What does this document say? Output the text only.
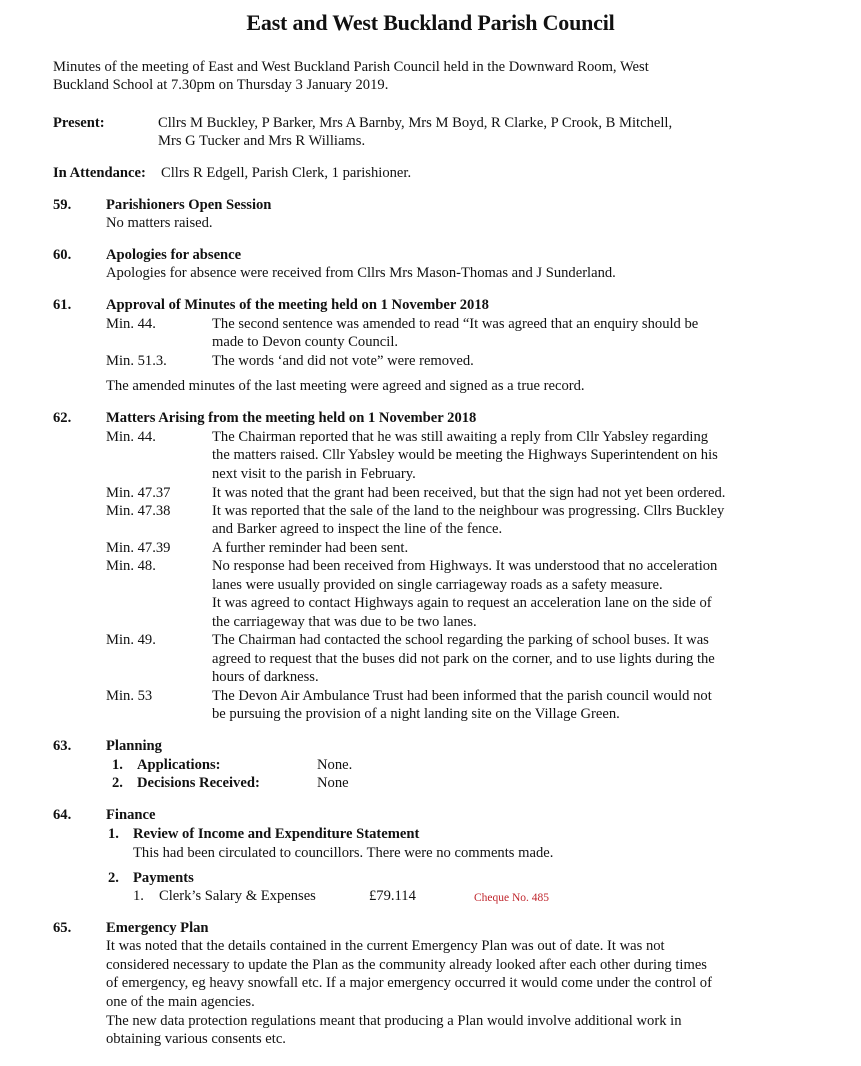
East and West Buckland Parish Council
Minutes of the meeting of East and West Buckland Parish Council held in the Downward Room, West
Buckland School at 7.30pm on Thursday 3 January 2019.
Present:	Cllrs M Buckley, P Barker, Mrs A Barnby, Mrs M Boyd, R Clarke, P Crook, B Mitchell,
Mrs G Tucker and Mrs R Williams.
In Attendance: Cllrs R Edgell, Parish Clerk, 1 parishioner.
59. Parishioners Open Session
No matters raised.
60. Apologies for absence
Apologies for absence were received from Cllrs Mrs Mason-Thomas and J Sunderland.
61. Approval of Minutes of the meeting held on 1 November 2018
Min. 44.	The second sentence was amended to read “It was agreed that an enquiry should be
made to Devon county Council.
Min. 51.3.	The words ‘and did not vote” were removed.
The amended minutes of the last meeting were agreed and signed as a true record.
62. Matters Arising from the meeting held on 1 November 2018
Min. 44.	The Chairman reported that he was still awaiting a reply from Cllr Yabsley regarding
the matters raised. Cllr Yabsley would be meeting the Highways Superintendent on his
next visit to the parish in February.
Min. 47.37	It was noted that the grant had been received, but that the sign had not yet been ordered.
Min. 47.38	It was reported that the sale of the land to the neighbour was progressing. Cllrs Buckley
and Barker agreed to inspect the line of the fence.
Min. 47.39	A further reminder had been sent.
Min. 48.	No response had been received from Highways. It was understood that no acceleration
lanes were usually provided on single carriageway roads as a safety measure.
It was agreed to contact Highways again to request an acceleration lane on the side of
the carriageway that was due to be two lanes.
Min. 49.	The Chairman had contacted the school regarding the parking of school buses. It was
agreed to request that the buses did not park on the corner, and to use lights during the
hours of darkness.
Min. 53	The Devon Air Ambulance Trust had been informed that the parish council would not
be pursuing the provision of a night landing site on the Village Green.
63. Planning
1. Applications:	None.
2. Decisions Received:	None
64. Finance
1. Review of Income and Expenditure Statement
This had been circulated to councillors. There were no comments made.
2. Payments
1. Clerk’s Salary & Expenses	£79.114	Cheque No. 485
65. Emergency Plan
It was noted that the details contained in the current Emergency Plan was out of date. It was not
considered necessary to update the Plan as the community already looked after each other during times
of emergency, eg heavy snowfall etc. If a major emergency occurred it would come under the control of
one of the main agencies.
The new data protection regulations meant that producing a Plan would involve additional work in
obtaining various consents etc.
